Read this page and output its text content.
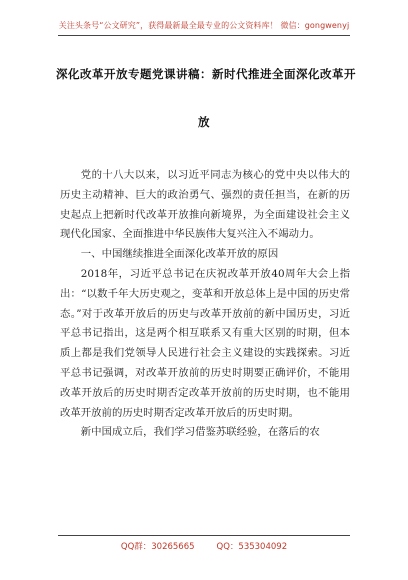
关注头条号“公文研究”，获得最新最全最专业的公文资料库！ 微信：gongwenyj
深化改革开放专题党课讲稿：新时代推进全面深化改革开
放

党的十八大以来，以习近平同志为核心的党中央以伟大的历史主动精神、巨大的政治勇气、强烈的责任担当，在新的历史起点上把新时代改革开放推向新境界，为全面建设社会主义现代化国家、全面推进中华民族伟大复兴注入不竭动力。

一、中国继续推进全面深化改革开放的原因

2018年，习近平总书记在庆祝改革开放40周年大会上指出：“以数千年大历史观之，变革和开放总体上是中国的历史常态。”对于改革开放后的历史与改革开放前的新中国历史，习近平总书记指出，这是两个相互联系又有重大区别的时期，但本质上都是我们党领导人民进行社会主义建设的实践探索。习近平总书记强调，对改革开放前的历史时期要正确评价，不能用改革开放后的历史时期否定改革开放前的历史时期，也不能用改革开放前的历史时期否定改革开放后的历史时期。

新中国成立后，我们学习借鉴苏联经验，在落后的农

QQ群：30265665	QQ：535304092
